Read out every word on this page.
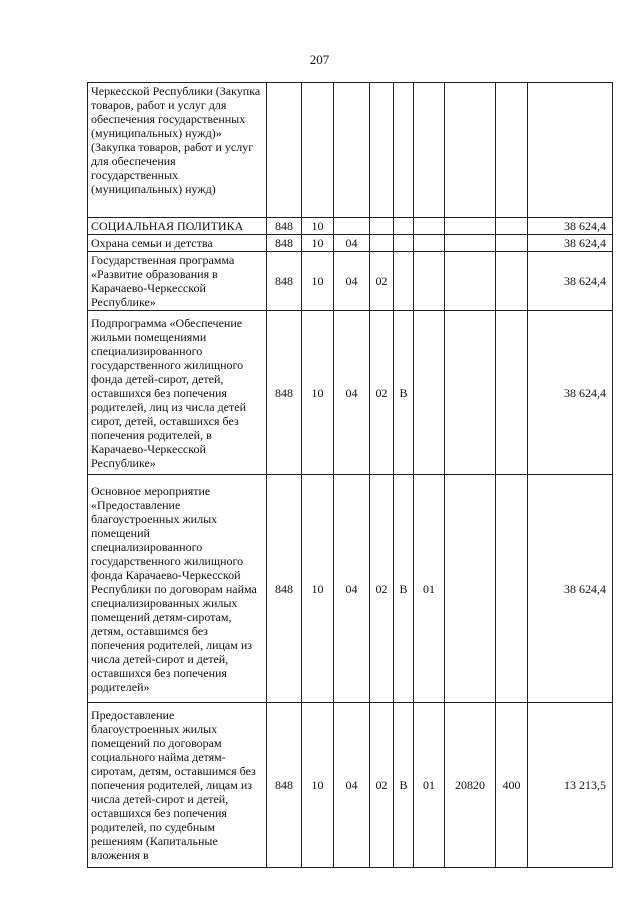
207
Черкесской Республики (Закупка товаров, работ и услуг для обеспечения государственных (муниципальных) нужд)» (Закупка товаров, работ и услуг для обеспечения государственных (муниципальных) нужд)									
СОЦИАЛЬНАЯ ПОЛИТИКА	848	10							38 624,4
Охрана семьи и детства	848	10	04						38 624,4
Государственная программа «Развитие образования в Карачаево-Черкесской Республике»	848	10	04	02					38 624,4
Подпрограмма «Обеспечение жильми помещениями специализированного государственного жилищного фонда детей-сирот, детей, оставшихся без попечения родителей, лиц из числа детей сирот, детей, оставшихся без попечения родителей, в Карачаево-Черкесской Республике»	848	10	04	02	В				38 624,4
Основное мероприятие «Предоставление благоустроенных жилых помещений специализированного государственного жилищного фонда Карачаево-Черкесской Республики по договорам найма специализированных жилых помещений детям-сиротам, детям, оставшимся без попечения родителей, лицам из числа детей-сирот и детей, оставшихся без попечения родителей»	848	10	04	02	В	01			38 624,4
Предоставление благоустроенных жилых помещений по договорам социального найма детям-сиротам, детям, оставшимся без попечения родителей, лицам из числа детей-сирот и детей, оставшихся без попечения родителей, по судебным решениям (Капитальные вложения в	848	10	04	02	В	01	20820	400	13 213,5
